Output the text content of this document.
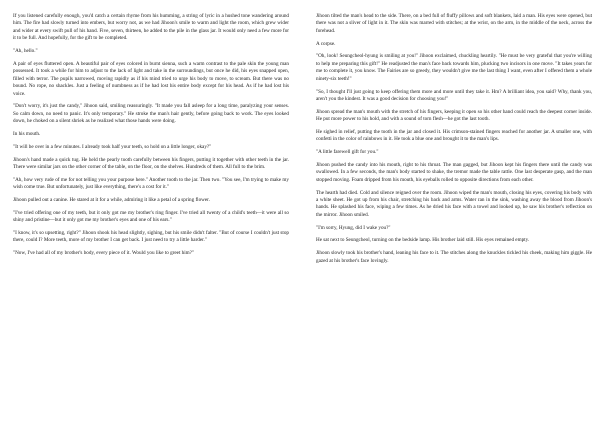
If you listened carefully enough, you'd catch a certain rhyme from his humming, a string of lyric in a hushed tone wandering around him. The fire had slowly turned into embers, but worry not, as we had Jihoon's smile to warm and light the room, which grew wider and wider at every swift pull of his hand. Five, seven, thirteen, he added to the pile in the glass jar. It would only need a few more for it to be full. And hopefully, for the gift to be completed.

"Ah, hello."

A pair of eyes fluttered open. A beautiful pair of eyes colored in burnt sienna, such a warm contrast to the pale skin the young man possessed. It took a while for him to adjust to the lack of light and take in the surroundings, but once he did, his eyes snapped open, filled with terror. The pupils narrowed, moving rapidly as if his mind tried to urge his body to move, to scream. But there was no bound. No rope, no shackles. Just a feeling of numbness as if he had lost his entire body except for his head. As if he had lost his voice.

"Don't worry, it's just the candy," Jihoon said, smiling reassuringly. "It made you fall asleep for a long time, paralyzing your senses. So calm down, no need to panic. It's only temporary." He stroke the man's hair gently, before going back to work. The eyes looked down, he choked on a silent shriek as he realized what those hands were doing.

In his mouth.

"It will be over in a few minutes. I already took half your teeth, so hold on a little longer, okay?"

Jihoon's hand made a quick tug. He held the pearly tooth carefully between his fingers, putting it together with other teeth in the jar. There were similar jars on the other corner of the table, on the floor, on the shelves. Hundreds of them. All full to the brim.

"Ah, how very rude of me for not telling you your purpose here." Another tooth to the jar. Then two. "You see, I'm trying to make my wish come true. But unfortunately, just like everything, there's a cost for it."

Jihoon pulled out a canine. He stared at it for a while, admiring it like a petal of a spring flower.

"I've tried offering one of my teeth, but it only got me my brother's ring finger. I've tried all twenty of a child's teeth—it were all so shiny and pristine—but it only got me my brother's eyes and one of his ears."

"I know, it's so upsetting, right?" Jihoon shook his head slightly, sighing, but his smile didn't falter. "But of course I couldn't just stop there, could I? More teeth, more of my brother I can get back. I just need to try a little harder."

"Now, I've had all of my brother's body, every piece of it. Would you like to greet him?"

Jihoon tilted the man's head to the side. There, on a bed full of fluffy pillows and soft blankets, laid a man. His eyes were opened, but there was not a sliver of light in it. The skin was marred with stitches; at the wrist, on the arm, in the middle of the neck, across the forehead.

A corpse.

"Oh, look! Seungcheol-hyung is smiling at you!" Jihoon exclaimed, chuckling heartily. "He must be very grateful that you're willing to help me preparing this gift!" He readjusted the man's face back towards him, plucking two incisors in one move. "It takes years for me to complete it, you know. The Fairies are so greedy, they wouldn't give me the last thing I want, even after I offered them a whole ninety-six teeth!"

"So, I thought I'll just going to keep offering them more and more until they take it. Hm? A brilliant idea, you said? Why, thank you, aren't you the kindest. It was a good decision for choosing you!"

Jihoon spread the man's mouth with the stretch of his fingers, keeping it open so his other hand could reach the deepest corner inside. He put more power to his hold, and with a sound of torn flesh—he got the last tooth.

He sighed in relief, putting the tooth in the jar and closed it. His crimson-stained fingers reached for another jar. A smaller one, with confetti in the color of rainbows in it. He took a blue one and brought it to the man's lips.

"A little farewell gift for you."

Jihoon pushed the candy into his mouth, right to his throat. The man gagged, but Jihoon kept his fingers there until the candy was swallowed. In a few seconds, the man's body started to shake, the tremor made the table rattle. One last desperate gasp, and the man stopped moving. Foam dripped from his mouth, his eyeballs rolled to opposite directions from each other.

The hearth had died. Cold and silence reigned over the room. Jihoon wiped the man's mouth, closing his eyes, covering his body with a white sheet. He got up from his chair, stretching his back and arms. Water ran in the sink, washing away the blood from Jihoon's hands. He splashed his face, wiping a few times. As he dried his face with a towel and looked up, he saw his brother's reflection on the mirror. Jihoon smiled.

"I'm sorry, Hyung, did I wake you?"

He sat next to Seungcheol, turning on the bedside lamp. His brother laid still. His eyes remained empty.

Jihoon slowly took his brother's hand, leaning his face to it. The stitches along the knuckles tickled his cheek, making him giggle. He gazed at his brother's face lovingly.
